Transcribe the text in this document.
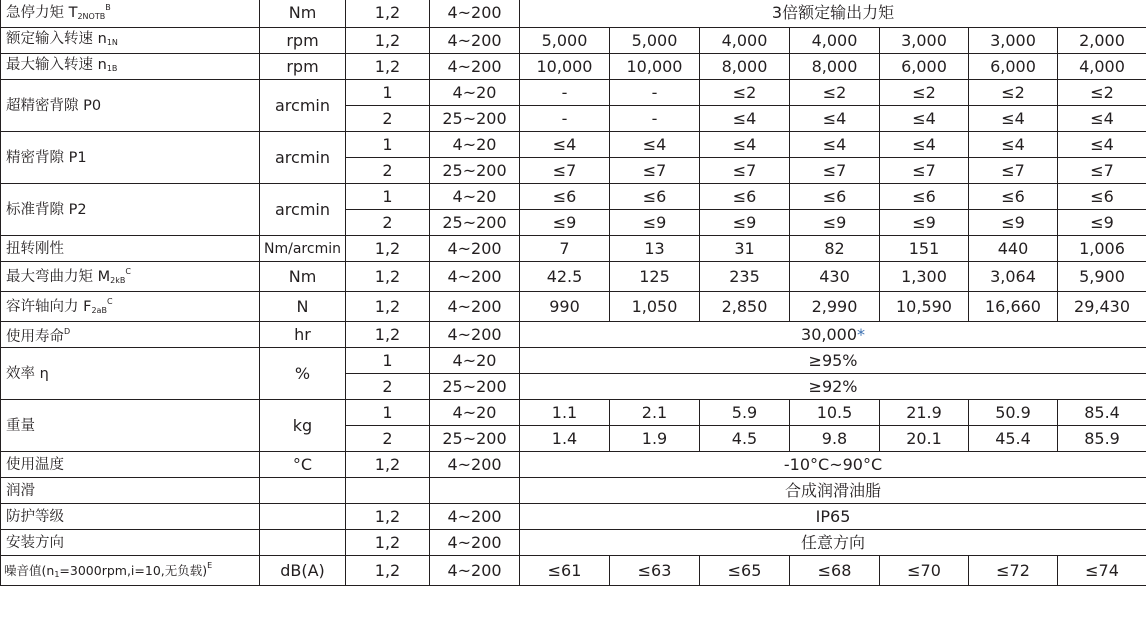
急停力矩 $T_{2NOTB}^B$	Nm	1,2	4~200	3倍额定输出力矩						
额定输入转速 $n_{1N}$	rpm	1,2	4~200	5,000	5,000	4,000	4,000	3,000	3,000	2,000
最大输入转速 $n_{1B}$	rpm	1,2	4~200	10,000	10,000	8,000	8,000	6,000	6,000	4,000
超精密背隙 P0	arcmin	1	4~20	-	-	≤2	≤2	≤2	≤2	≤2
		2	25~200	-	-	≤4	≤4	≤4	≤4	≤4
精密背隙 P1	arcmin	1	4~20	≤4	≤4	≤4	≤4	≤4	≤4	≤4
		2	25~200	≤7	≤7	≤7	≤7	≤7	≤7	≤7
标准背隙 P2	arcmin	1	4~20	≤6	≤6	≤6	≤6	≤6	≤6	≤6
		2	25~200	≤9	≤9	≤9	≤9	≤9	≤9	≤9
扭转刚性	Nm/arcmin	1,2	4~200	7	13	31	82	151	440	1,006
最大弯曲力矩 $M_{2kB}^C$	Nm	1,2	4~200	42.5	125	235	430	1,300	3,064	5,900
容许轴向力 $F_{2aB}^C$	N	1,2	4~200	990	1,050	2,850	2,990	10,590	16,660	29,430
使用寿命$^D$	hr	1,2	4~200	30,000*						
效率 η	%	1	4~20	≥95%						
		2	25~200	≥92%						
重量	kg	1	4~20	1.1	2.1	5.9	10.5	21.9	50.9	85.4
		2	25~200	1.4	1.9	4.5	9.8	20.1	45.4	85.9
使用温度	°C	1,2	4~200	-10°C~90°C						
润滑				合成润滑油脂						
防护等级		1,2	4~200	IP65						
安装方向		1,2	4~200	任意方向						
噪音值($n_1=3000rpm,i=10$,无负载)$^E$	dB(A)	1,2	4~200	≤61	≤63	≤65	≤68	≤70	≤72	≤74
